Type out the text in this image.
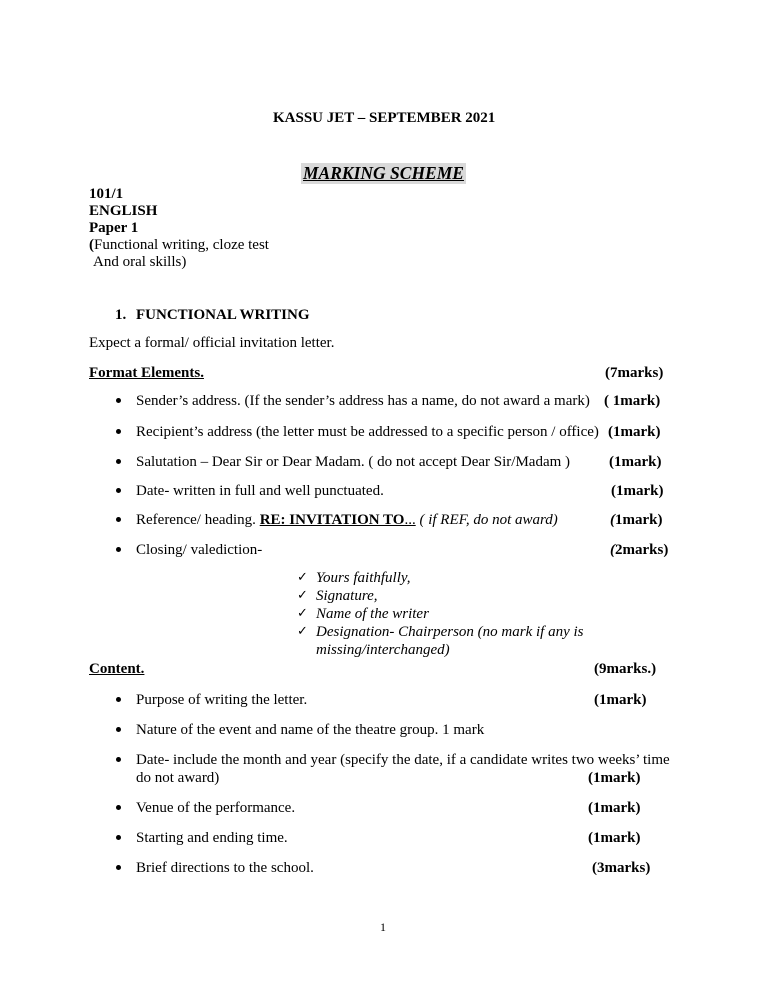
KASSU JET – SEPTEMBER 2021
MARKING SCHEME
101/1
ENGLISH
Paper 1
(Functional writing, cloze test
And oral skills)
1. FUNCTIONAL WRITING
Expect a formal/ official invitation letter.
Format Elements.	(7marks)
Sender’s address. (If the sender’s address has a name, do not award a mark) ( 1mark)
Recipient’s address (the letter must be addressed to a specific person / office) (1mark)
Salutation – Dear Sir or Dear Madam. ( do not accept Dear Sir/Madam )	(1mark)
Date- written in full and well punctuated.	(1mark)
Reference/ heading. RE: INVITATION TO... ( if REF, do not award)	(1mark)
Closing/ valediction-	(2marks)
✓ Yours faithfully,
✓ Signature,
✓ Name of the writer
✓ Designation- Chairperson (no mark if any is
missing/interchanged)
Content.	(9marks.)
Purpose of writing the letter.	(1mark)
Nature of the event and name of the theatre group. 1 mark
Date- include the month and year (specify the date, if a candidate writes two weeks’ time
do not award)	(1mark)
Venue of the performance.	(1mark)
Starting and ending time.	(1mark)
Brief directions to the school.	(3marks)
1
